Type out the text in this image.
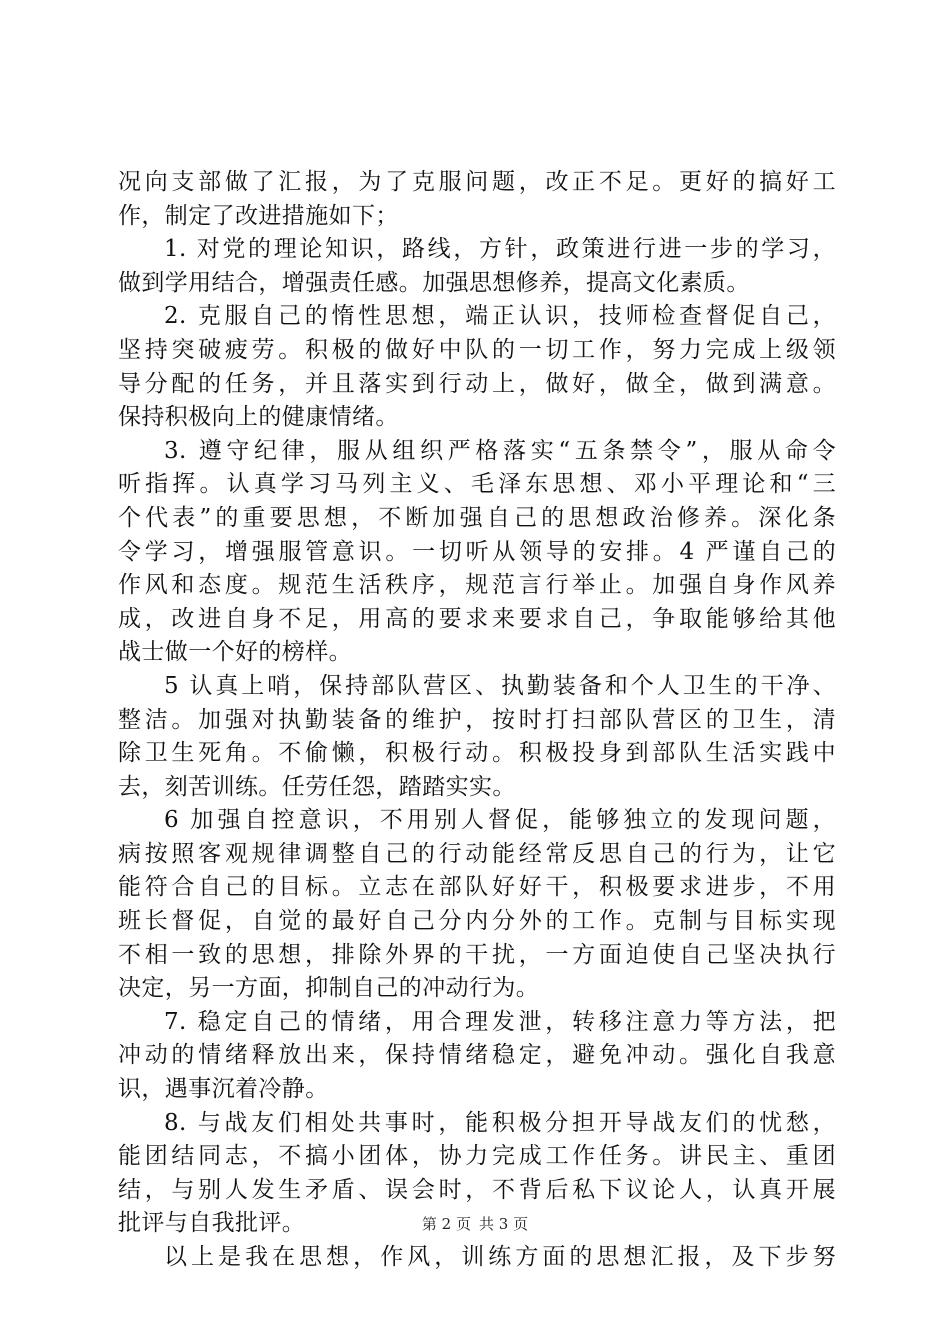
况向支部做了汇报，为了克服问题，改正不足。更好的搞好工
作，制定了改进措施如下；
1. 对党的理论知识，路线，方针，政策进行进一步的学习，
做到学用结合，增强责任感。加强思想修养，提高文化素质。
2. 克服自己的惰性思想，端正认识，技师检查督促自己，
坚持突破疲劳。积极的做好中队的一切工作，努力完成上级领
导分配的任务，并且落实到行动上，做好，做全，做到满意。
保持积极向上的健康情绪。
3. 遵守纪律，服从组织严格落实“五条禁令”，服从命令
听指挥。认真学习马列主义、毛泽东思想、邓小平理论和“三
个代表”的重要思想，不断加强自己的思想政治修养。深化条
令学习，增强服管意识。一切听从领导的安排。4 严谨自己的
作风和态度。规范生活秩序，规范言行举止。加强自身作风养
成，改进自身不足，用高的要求来要求自己，争取能够给其他
战士做一个好的榜样。
5 认真上哨，保持部队营区、执勤装备和个人卫生的干净、
整洁。加强对执勤装备的维护，按时打扫部队营区的卫生，清
除卫生死角。不偷懒，积极行动。积极投身到部队生活实践中
去，刻苦训练。任劳任怨，踏踏实实。
6 加强自控意识，不用别人督促，能够独立的发现问题，
病按照客观规律调整自己的行动能经常反思自己的行为，让它
能符合自己的目标。立志在部队好好干，积极要求进步，不用
班长督促，自觉的最好自己分内分外的工作。克制与目标实现
不相一致的思想，排除外界的干扰，一方面迫使自己坚决执行
决定，另一方面，抑制自己的冲动行为。
7. 稳定自己的情绪，用合理发泄，转移注意力等方法，把
冲动的情绪释放出来，保持情绪稳定，避免冲动。强化自我意
识，遇事沉着冷静。
8. 与战友们相处共事时，能积极分担开导战友们的忧愁，
能团结同志，不搞小团体，协力完成工作任务。讲民主、重团
结，与别人发生矛盾、误会时，不背后私下议论人，认真开展
批评与自我批评。
以上是我在思想，作风，训练方面的思想汇报，及下步努
第 2 页 共 3 页
